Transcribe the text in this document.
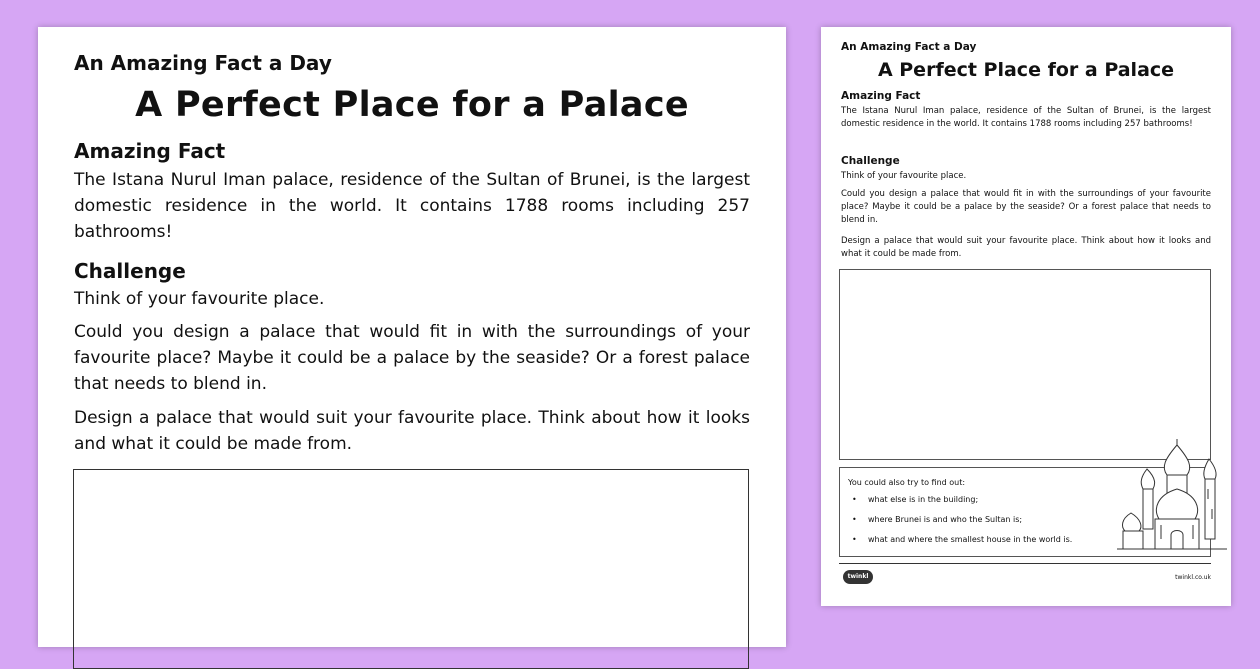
An Amazing Fact a Day
A Perfect Place for a Palace
Amazing Fact
The Istana Nurul Iman palace, residence of the Sultan of Brunei, is the largest domestic residence in the world. It contains 1788 rooms including 257 bathrooms!
Challenge
Think of your favourite place.
Could you design a palace that would fit in with the surroundings of your favourite place? Maybe it could be a palace by the seaside? Or a forest palace that needs to blend in.
Design a palace that would suit your favourite place. Think about how it looks and what it could be made from.
An Amazing Fact a Day
A Perfect Place for a Palace
Amazing Fact
The Istana Nurul Iman palace, residence of the Sultan of Brunei, is the largest domestic residence in the world. It contains 1788 rooms including 257 bathrooms!
Challenge
Think of your favourite place.
Could you design a palace that would fit in with the surroundings of your favourite place? Maybe it could be a palace by the seaside? Or a forest palace that needs to blend in.
Design a palace that would suit your favourite place. Think about how it looks and what it could be made from.
You could also try to find out:
• what else is in the building;
• where Brunei is and who the Sultan is;
• what and where the smallest house in the world is.
twinkl	twinkl.co.uk
